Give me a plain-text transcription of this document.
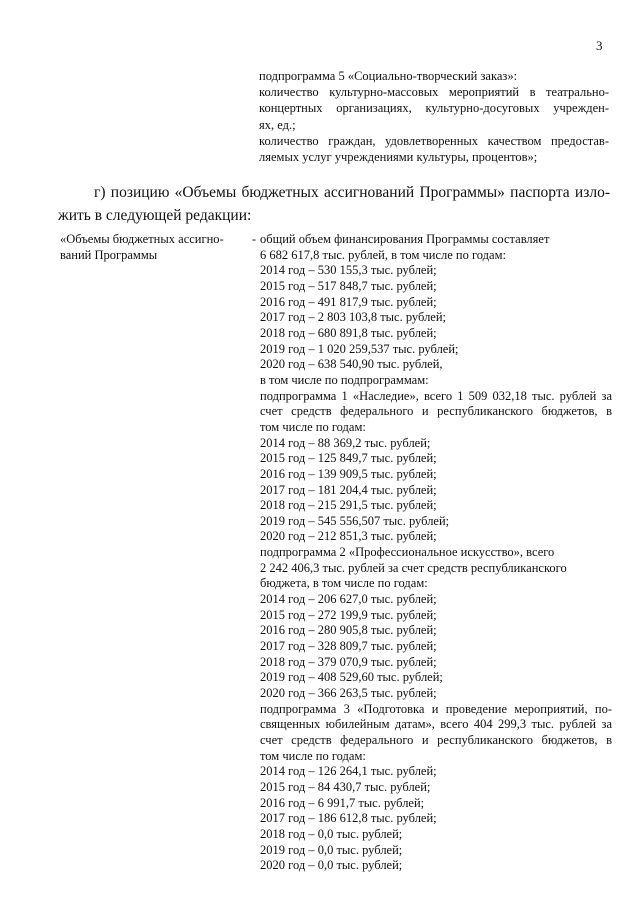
3
подпрограмма 5 «Социально-творческий заказ»:
количество культурно-массовых мероприятий в театрально-
концертных организациях, культурно-досуговых учрежден-
ях, ед.;
количество граждан, удовлетворенных качеством предостав-
ляемых услуг учреждениями культуры, процентов»;
г) позицию «Объемы бюджетных ассигнований Программы» паспорта изло-
жить в следующей редакции:
«Объемы бюджетных ассигно- -
ваний Программы
общий объем финансирования Программы составляет
6 682 617,8 тыс. рублей, в том числе по годам:
2014 год – 530 155,3 тыс. рублей;
2015 год – 517 848,7 тыс. рублей;
2016 год – 491 817,9 тыс. рублей;
2017 год – 2 803 103,8 тыс. рублей;
2018 год – 680 891,8 тыс. рублей;
2019 год – 1 020 259,537 тыс. рублей;
2020 год – 638 540,90 тыс. рублей,
в том числе по подпрограммам:
подпрограмма 1 «Наследие», всего 1 509 032,18 тыс. рублей за
счет средств федерального и республиканского бюджетов, в
том числе по годам:
2014 год – 88 369,2 тыс. рублей;
2015 год – 125 849,7 тыс. рублей;
2016 год – 139 909,5 тыс. рублей;
2017 год – 181 204,4 тыс. рублей;
2018 год – 215 291,5 тыс. рублей;
2019 год – 545 556,507 тыс. рублей;
2020 год – 212 851,3 тыс. рублей;
подпрограмма 2 «Профессиональное искусство», всего
2 242 406,3 тыс. рублей за счет средств республиканского
бюджета, в том числе по годам:
2014 год – 206 627,0 тыс. рублей;
2015 год – 272 199,9 тыс. рублей;
2016 год – 280 905,8 тыс. рублей;
2017 год – 328 809,7 тыс. рублей;
2018 год – 379 070,9 тыс. рублей;
2019 год – 408 529,60 тыс. рублей;
2020 год – 366 263,5 тыс. рублей;
подпрограмма 3 «Подготовка и проведение мероприятий, по-
священных юбилейным датам», всего 404 299,3 тыс. рублей за
счет средств федерального и республиканского бюджетов, в
том числе по годам:
2014 год – 126 264,1 тыс. рублей;
2015 год – 84 430,7 тыс. рублей;
2016 год – 6 991,7 тыс. рублей;
2017 год – 186 612,8 тыс. рублей;
2018 год – 0,0 тыс. рублей;
2019 год – 0,0 тыс. рублей;
2020 год – 0,0 тыс. рублей;
